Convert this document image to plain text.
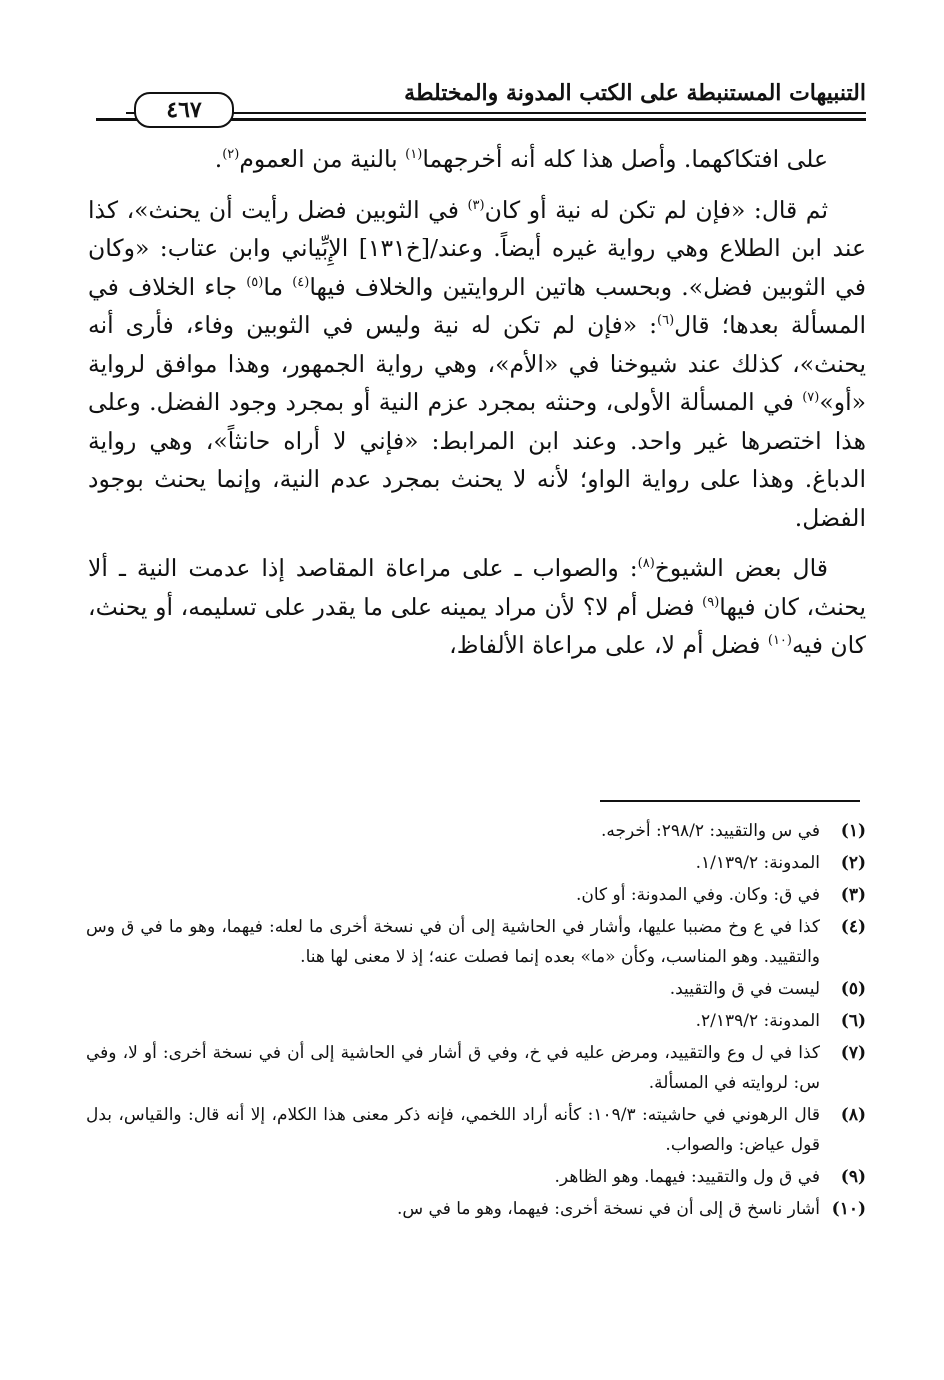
التنبيهات المستنبطة على الكتب المدونة والمختلطة
٤٦٧

على افتكاكهما. وأصل هذا كله أنه أخرجهما$^{(١)}$ بالنية من العموم$^{(٢)}$.

ثم قال: «فإن لم تكن له نية أو كان$^{(٣)}$ في الثوبين فضل رأيت أن يحنث»، كذا عند ابن الطلاع وهي رواية غيره أيضاً. وعند/[خ١٣١] الإِبِّياني وابن عتاب: «وكان في الثوبين فضل». وبحسب هاتين الروايتين والخلاف فيها$^{(٤)}$ ما$^{(٥)}$ جاء الخلاف في المسألة بعدها؛ قال$^{(٦)}$: «فإن لم تكن له نية وليس في الثوبين وفاء، فأرى أنه يحنث»، كذلك عند شيوخنا في «الأم»، وهي رواية الجمهور، وهذا موافق لرواية «أو»$^{(٧)}$ في المسألة الأولى، وحنثه بمجرد عزم النية أو بمجرد وجود الفضل. وعلى هذا اختصرها غير واحد. وعند ابن المرابط: «فإني لا أراه حانثاً»، وهي رواية الدباغ. وهذا على رواية الواو؛ لأنه لا يحنث بمجرد عدم النية، وإنما يحنث بوجود الفضل.

قال بعض الشيوخ$^{(٨)}$: والصواب ـ على مراعاة المقاصد إذا عدمت النية ـ ألا يحنث، كان فيها$^{(٩)}$ فضل أم لا؟ لأن مراد يمينه على ما يقدر على تسليمه، أو يحنث، كان فيه$^{(١٠)}$ فضل أم لا، على مراعاة الألفاظ،

(١)
في س والتقييد: ٢٩٨/٢: أخرجه.
(٢)
المدونة: ١/١٣٩/٢.
(٣)
في ق: وكان. وفي المدونة: أو كان.
(٤)
كذا في ع وخ مضببا عليها، وأشار في الحاشية إلى أن في نسخة أخرى ما لعله: فيهما، وهو ما في ق وس والتقييد. وهو المناسب، وكأن «ما» بعده إنما فصلت عنه؛ إذ لا معنى لها هنا.
(٥)
ليست في ق والتقييد.
(٦)
المدونة: ٢/١٣٩/٢.
(٧)
كذا في ل وع والتقييد، ومرض عليه في خ، وفي ق أشار في الحاشية إلى أن في نسخة أخرى: أو لا، وفي س: لروايته في المسألة.
(٨)
قال الرهوني في حاشيته: ١٠٩/٣: كأنه أراد اللخمي، فإنه ذكر معنى هذا الكلام، إلا أنه قال: والقياس، بدل قول عياض: والصواب.
(٩)
في ق ول والتقييد: فيهما. وهو الظاهر.
(١٠)
أشار ناسخ ق إلى أن في نسخة أخرى: فيهما، وهو ما في س.
